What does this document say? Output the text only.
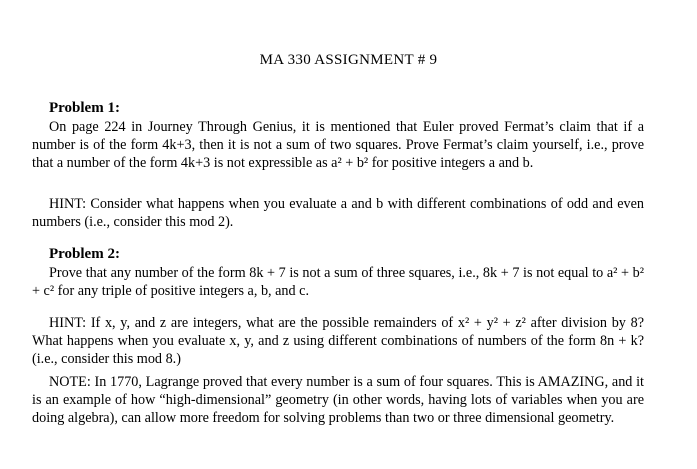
MA 330 ASSIGNMENT # 9
Problem 1:
On page 224 in Journey Through Genius, it is mentioned that Euler proved Fermat’s claim that if a number is of the form 4k+3, then it is not a sum of two squares. Prove Fermat’s claim yourself, i.e., prove that a number of the form 4k+3 is not expressible as a² + b² for positive integers a and b.
HINT: Consider what happens when you evaluate a and b with different combinations of odd and even numbers (i.e., consider this mod 2).
Problem 2:
Prove that any number of the form 8k + 7 is not a sum of three squares, i.e., 8k + 7 is not equal to a² + b² + c² for any triple of positive integers a, b, and c.
HINT: If x, y, and z are integers, what are the possible remainders of x² + y² + z² after division by 8? What happens when you evaluate x, y, and z using different combinations of numbers of the form 8n + k? (i.e., consider this mod 8.)
NOTE: In 1770, Lagrange proved that every number is a sum of four squares. This is AMAZING, and it is an example of how “high-dimensional” geometry (in other words, having lots of variables when you are doing algebra), can allow more freedom for solving problems than two or three dimensional geometry.
